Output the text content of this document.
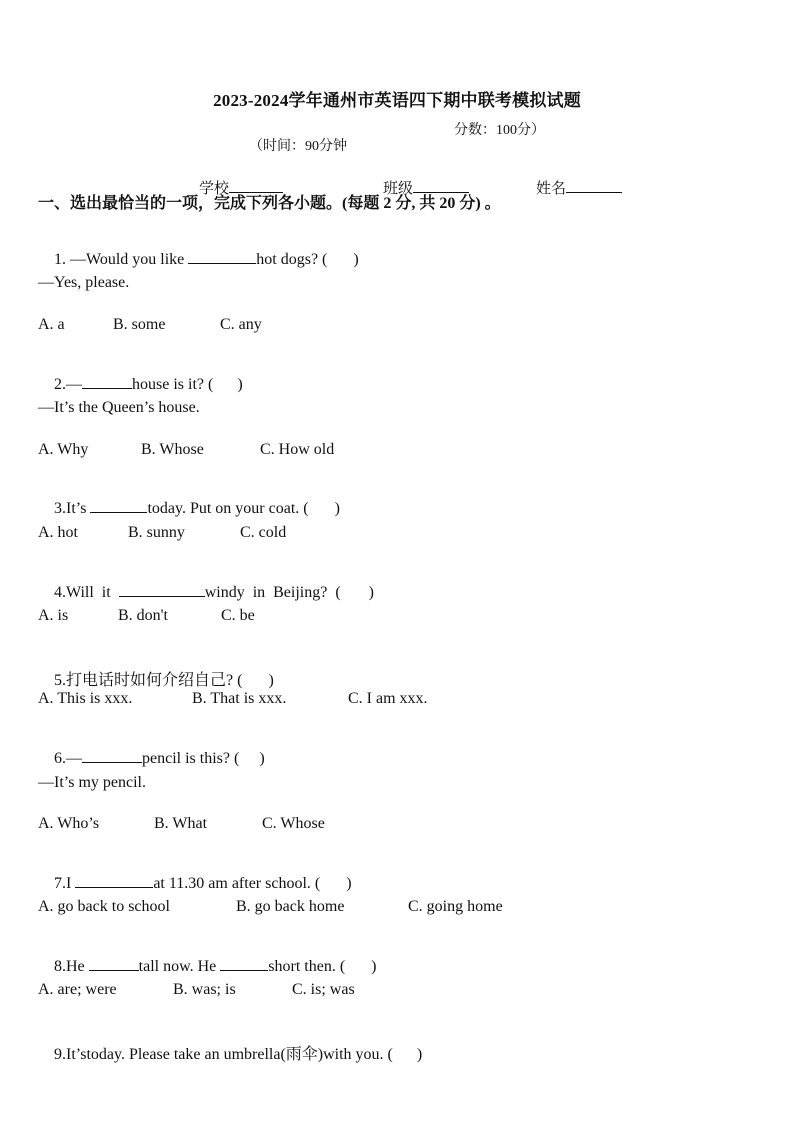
2023-2024学年通州市英语四下期中联考模拟试题

（时间：90分钟

分数：100分）

学校
	班级
	姓名

一、选出最恰当的一项，完成下列各小题。(每题 2 分, 共 20 分) 。

1. —Would you like	hot dogs? ( )

—Yes, please.

A. a

	B. some

	C. any

2.—	house is it? ( )

—It’s the Queen’s house.

A. Why

	B. Whose

	C. How old

3.It’s	today. Put on your coat. ( )

A. hot

	B. sunny

	C. cold

4.Will  it	windy  in  Beijing?  ( )

A. is

	B. don't

	C. be

5.打电话时如何介绍自己? ( )

A. This is xxx.

	B. That is xxx.

	C. I am xxx.

6.—	pencil is this? ( )

—It’s my pencil.

A. Who’s

	B. What

	C. Whose

7.I	at 11.30 am after school. ( )

A. go back to school

	B. go back home

	C. going home

8.He	tall now. He	short then. ( )

A. are; were

	B. was; is

	C. is; was

9.It’stoday. Please take an umbrella(雨伞)with you. ( )
